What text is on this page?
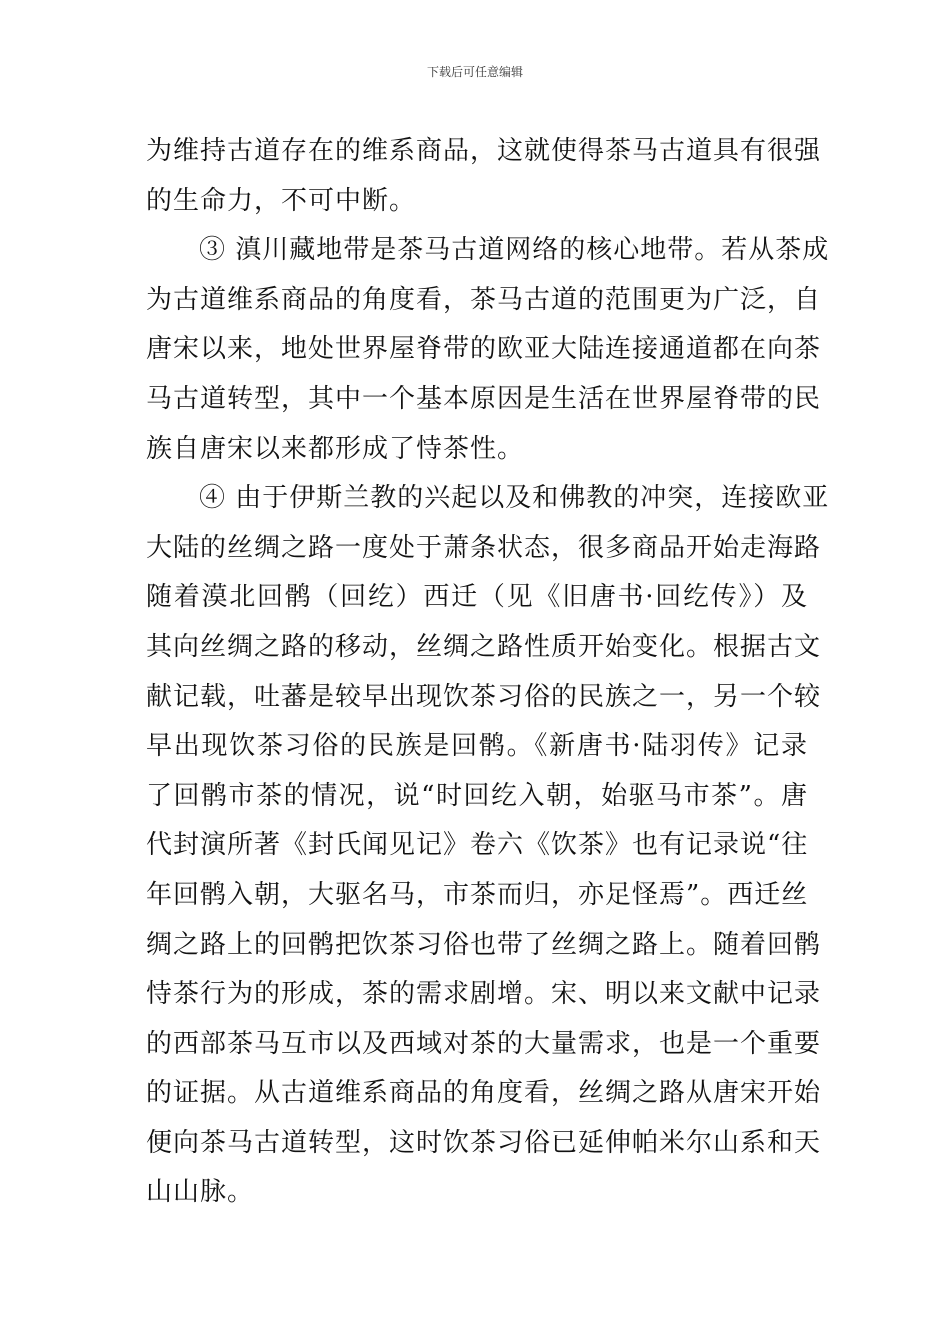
下载后可任意编辑
为维持古道存在的维系商品，这就使得茶马古道具有很强
的生命力，不可中断。
③ 滇川藏地带是茶马古道网络的核心地带。若从茶成
为古道维系商品的角度看，茶马古道的范围更为广泛，自
唐宋以来，地处世界屋脊带的欧亚大陆连接通道都在向茶
马古道转型，其中一个基本原因是生活在世界屋脊带的民
族自唐宋以来都形成了恃茶性。
④ 由于伊斯兰教的兴起以及和佛教的冲突，连接欧亚
大陆的丝绸之路一度处于萧条状态，很多商品开始走海路
随着漠北回鹘（回纥）西迁（见《旧唐书·回纥传》）及
其向丝绸之路的移动，丝绸之路性质开始变化。根据古文
献记载，吐蕃是较早出现饮茶习俗的民族之一，另一个较
早出现饮茶习俗的民族是回鹘。《新唐书·陆羽传》记录
了回鹘市茶的情况，说“时回纥入朝，始驱马市茶”。唐
代封演所著《封氏闻见记》卷六《饮茶》也有记录说“往
年回鹘入朝，大驱名马，市茶而归，亦足怪焉”。西迁丝
绸之路上的回鹘把饮茶习俗也带了丝绸之路上。随着回鹘
恃茶行为的形成，茶的需求剧增。宋、明以来文献中记录
的西部茶马互市以及西域对茶的大量需求，也是一个重要
的证据。从古道维系商品的角度看，丝绸之路从唐宋开始
便向茶马古道转型，这时饮茶习俗已延伸帕米尔山系和天
山山脉。
